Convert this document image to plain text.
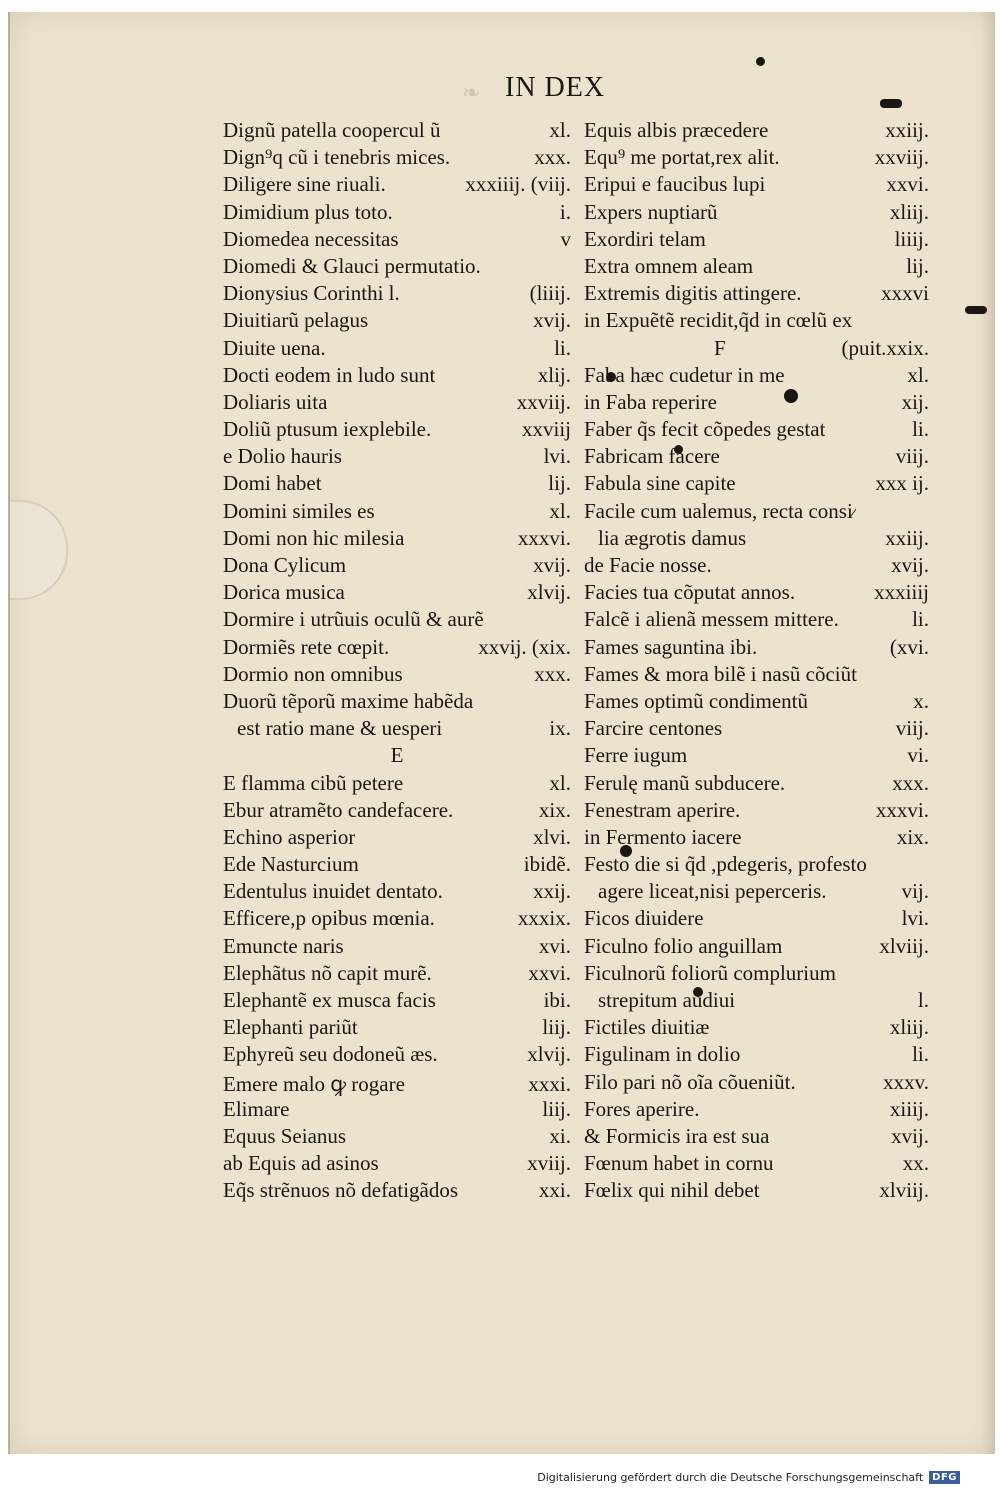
❧ IN DEX
Dignũ patella coopercul ũ	xl.
Dign⁹q cũ i tenebris mices.	xxx.
Diligere sine riuali.	xxxiiij. (viij.
Dimidium plus toto.	i.
Diomedea necessitas	v
Diomedi & Glauci permutatio.
Dionysius Corinthi l.	(liiij.
Diuitiarũ pelagus	xvij.
Diuite uena.	li.
Docti eodem in ludo sunt	xlij.
Doliaris uita	xxviij.
Doliũ ptusum iexplebile.	xxviij
e Dolio hauris	lvi.
Domi habet	lij.
Domini similes es	xl.
Domi non hic milesia	xxxvi.
Dona Cylicum	xvij.
Dorica musica	xlvij.
Dormire i utrũuis oculũ & aurẽ
Dormiẽs rete cœpit.	xxvij. (xix.
Dormio non omnibus	xxx.
Duorũ tẽporũ maxime habẽda
est ratio mane & uesperi	ix.
E
E flamma cibũ petere	xl.
Ebur atramẽto candefacere.	xix.
Echino asperior	xlvi.
Ede Nasturcium	ibidẽ.
Edentulus inuidet dentato.	xxij.
Efficere,p opibus mœnia.	xxxix.
Emuncte naris	xvi.
Elephãtus nõ capit murẽ.	xxvi.
Elephantẽ ex musca facis	ibi.
Elephanti pariũt	liij.
Ephyreũ seu dodoneũ æs.	xlvij.
Emere malo ꝙ rogare	xxxi.
Elimare	liij.
Equus Seianus	xi.
ab Equis ad asinos	xviij.
Eq̃s strẽnuos nõ defatigãdos	xxi.
Equis albis præcedere	xxiij.
Equ⁹ me portat,rex alit.	xxviij.
Eripui e faucibus lupi	xxvi.
Expers nuptiarũ	xliij.
Exordiri telam	liiij.
Extra omnem aleam	lij.
Extremis digitis attingere.	xxxvi
in Expuẽtẽ recidit,q̃d in cœlũ ex
F	(puit.xxix.
Faba hæc cudetur in me	xl.
in Faba reperire	xij.
Faber q̃s fecit cõpedes gestat	li.
Fabricam facere	viij.
Fabula sine capite	xxx ij.
Facile cum ualemus, recta consi⁄
lia ægrotis damus	xxiij.
de Facie nosse.	xvij.
Facies tua cõputat annos.	xxxiiij
Falcẽ i alienã messem mittere.	li.
Fames saguntina ibi.	(xvi.
Fames & mora bilẽ i nasũ cõciũt
Fames optimũ condimentũ	x.
Farcire centones	viij.
Ferre iugum	vi.
Ferulę manũ subducere.	xxx.
Fenestram aperire.	xxxvi.
in Fermento iacere	xix.
Festo die si q̃d ,pdegeris, profesto
agere liceat,nisi peperceris.	vij.
Ficos diuidere	lvi.
Ficulno folio anguillam	xlviij.
Ficulnorũ foliorũ complurium
strepitum audiui	l.
Fictiles diuitiæ	xliij.
Figulinam in dolio	li.
Filo pari nõ oĩa cõueniũt.	xxxv.
Fores aperire.	xiiij.
& Formicis ira est sua	xvij.
Fœnum habet in cornu	xx.
Fœlix qui nihil debet	xlviij.
Digitalisierung gefördert durch die Deutsche Forschungsgemeinschaft DFG
